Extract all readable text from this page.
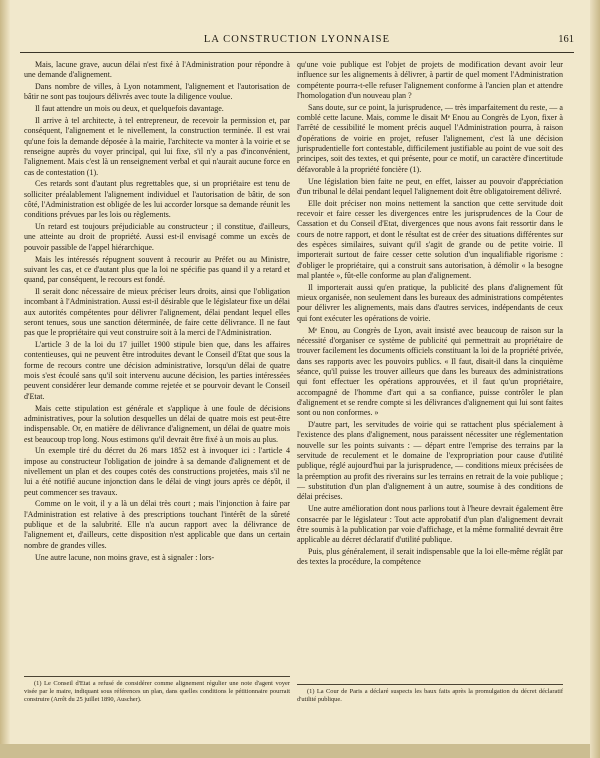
LA CONSTRUCTION LYONNAISE	161

Mais, lacune grave, aucun délai n'est fixé à l'Administration pour répondre à une demande d'alignement.

Dans nombre de villes, à Lyon notamment, l'alignement et l'autorisation de bâtir ne sont pas toujours délivrés avec toute la diligence voulue.

Il faut attendre un mois ou deux, et quelquefois davantage.

Il arrive à tel architecte, à tel entrepreneur, de recevoir la permission et, par conséquent, l'alignement et le nivellement, la construction terminée. Il est vrai qu'une fois la demande déposée à la mairie, l'architecte va monter à la voirie et se renseigne auprès du voyer principal, qui lui fixe, s'il n'y a pas d'inconvénient, l'alignement. Mais c'est là un renseignement verbal et qui n'aurait aucune force en cas de contestation (1).

Ces retards sont d'autant plus regrettables que, si un propriétaire est tenu de solliciter préalablement l'alignement individuel et l'autorisation de bâtir, de son côté, l'Administration est obligée de les lui accorder lorsque sa demande réunit les conditions prévues par les lois ou règlements.

Un retard est toujours préjudiciable au constructeur ; il constitue, d'ailleurs, une atteinte au droit de propriété. Aussi est-il envisagé comme un excès de pouvoir passible de l'appel hiérarchique.

Mais les intéressés répugnent souvent à recourir au Préfet ou au Ministre, suivant les cas, et ce d'autant plus que la loi ne spécifie pas quand il y a retard et quand, par conséquent, le recours est fondé.

Il serait donc nécessaire de mieux préciser leurs droits, ainsi que l'obligation incombant à l'Administration. Aussi est-il désirable que le législateur fixe un délai aux autorités compétentes pour délivrer l'alignement, délai pendant lequel elles seront tenues, sous une sanction déterminée, de faire cette délivrance. Il ne faut pas que le propriétaire qui veut construire soit à la merci de l'Administration.

L'article 3 de la loi du 17 juillet 1900 stipule bien que, dans les affaires contentieuses, qui ne peuvent être introduites devant le Conseil d'Etat que sous la forme de recours contre une décision administrative, lorsqu'un délai de quatre mois s'est écoulé sans qu'il soit intervenu aucune décision, les parties intéressées peuvent considérer leur demande comme rejetée et se pourvoir devant le Conseil d'Etat.

Mais cette stipulation est générale et s'applique à une foule de décisions administratives, pour la solution desquelles un délai de quatre mois est peut-être indispensable. Or, en matière de délivrance d'alignement, un délai de quatre mois est beaucoup trop long. Nous estimons qu'il devrait être fixé à un mois au plus.

Un exemple tiré du décret du 26 mars 1852 est à invoquer ici : l'article 4 impose au constructeur l'obligation de joindre à sa demande d'alignement et de nivellement un plan et des coupes cotés des constructions projetées, mais s'il ne lui a été notifié aucune injonction dans le délai de vingt jours après ce dépôt, il peut commencer ses travaux.

Comme on le voit, il y a là un délai très court ; mais l'injonction à faire par l'Administration est relative à des prescriptions touchant l'intérêt de la sûreté publique et de la salubrité. Elle n'a aucun rapport avec la délivrance de l'alignement et, d'ailleurs, cette disposition n'est applicable que dans un certain nombre de grandes villes.

Une autre lacune, non moins grave, est à signaler : lors-

qu'une voie publique est l'objet de projets de modification devant avoir leur influence sur les alignements à délivrer, à partir de quel moment l'Administration compétente pourra-t-elle refuser l'alignement conforme à l'ancien plan et attendre l'homologation d'un nouveau plan ?

Sans doute, sur ce point, la jurisprudence, — très imparfaitement du reste, — a comblé cette lacune. Mais, comme le disait Mᵉ Enou au Congrès de Lyon, fixer à l'arrêté de cessibilité le moment précis auquel l'Administration pourra, à raison d'opérations de voirie en projet, refuser l'alignement, c'est là une décision jurisprudentielle fort contestable, difficilement justifiable au point de vue soit des principes, soit des textes, et qui présente, pour ce motif, un caractère d'incertitude défavorable à la propriété foncière (1).

Une législation bien faite ne peut, en effet, laisser au pouvoir d'appréciation d'un tribunal le délai pendant lequel l'alignement doit être obligatoirement délivré.

Elle doit préciser non moins nettement la sanction que cette servitude doit recevoir et faire cesser les divergences entre les jurisprudences de la Cour de Cassation et du Conseil d'Etat, divergences que nous avons fait ressortir dans le cours de notre rapport, et dont le résultat est de créer des situations différentes sur des espèces similaires, suivant qu'il s'agit de grande ou de petite voirie. Il importerait surtout de faire cesser cette solution d'un inqualifiable rigorisme : d'obliger le propriétaire, qui a construit sans autorisation, à démolir « la besogne mal plantée », fût-elle conforme au plan d'alignement.

Il importerait aussi qu'en pratique, la publicité des plans d'alignement fût mieux organisée, non seulement dans les bureaux des administrations compétentes pour délivrer les alignements, mais dans d'autres services, indépendants de ceux qui font exécuter les opérations de voirie.

Mᵉ Enou, au Congrès de Lyon, avait insisté avec beaucoup de raison sur la nécessité d'organiser ce système de publicité qui permettrait au propriétaire de trouver facilement les documents officiels constituant la loi de la propriété privée, dans ses rapports avec les pouvoirs publics. « Il faut, disait-il dans la cinquième séance, qu'il puisse les trouver ailleurs que dans les bureaux des administrations qui font effectuer les opérations approuvées, et il faut qu'un propriétaire, accompagné de l'homme d'art qui a sa confiance, puisse contrôler le plan d'alignement et se rendre compte si les délivrances d'alignement qui lui sont faites sont ou non conformes. »

D'autre part, les servitudes de voirie qui se rattachent plus spécialement à l'existence des plans d'alignement, nous paraissent nécessiter une réglementation nouvelle sur les points suivants : — départ entre l'emprise des terrains par la servitude de reculement et le domaine de l'expropriation pour cause d'utilité publique, réglé aujourd'hui par la jurisprudence, — conditions mieux précisées de la préemption au profit des riverains sur les terrains en retrait de la voie publique ; — substitution d'un plan d'alignement à un autre, soumise à des conditions de délai précises.

Une autre amélioration dont nous parlions tout à l'heure devrait également être consacrée par le législateur : Tout acte approbatif d'un plan d'alignement devrait être soumis à la publication par voie d'affichage, et la même formalité devrait être applicable au décret déclaratif d'utilité publique.

Puis, plus généralement, il serait indispensable que la loi elle-même réglât par des textes la procédure, la compétence

(1) Le Conseil d'Etat a refusé de considérer comme alignement régulier une note d'agent voyer visée par le maire, indiquant sous références un plan, dans quelles conditions le pétitionnaire pourrait construire (Arrêt du 25 juillet 1890, Auscher).

(1) La Cour de Paris a déclaré suspects les baux faits après la promulgation du décret déclaratif d'utilité publique.
